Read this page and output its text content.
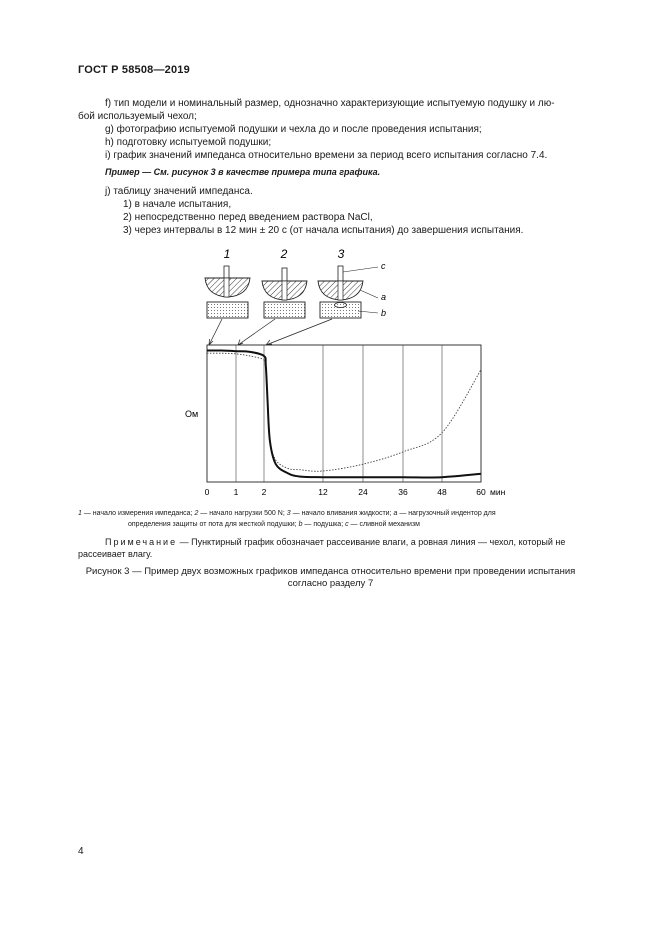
ГОСТ Р 58508—2019
f) тип модели и номинальный размер, однозначно характеризующие испытуемую подушку и лю-
бой используемый чехол;
g) фотографию испытуемой подушки и чехла до и после проведения испытания;
h) подготовку испытуемой подушки;
i) график значений импеданса относительно времени за период всего испытания согласно 7.4.
Пример — См. рисунок 3 в качестве примера типа графика.
j) таблицу значений импеданса.
1) в начале испытания,
2) непосредственно перед введением раствора NaCl,
3) через интервалы в 12 мин ± 20 с (от начала испытания) до завершения испытания.
1	2	3
c
a
b
Ом
0	1	2	12	24	36	48	60 мин
1 — начало измерения импеданса; 2 — начало нагрузки 500 N; 3 — начало вливания жидкости; a — нагрузочный индентор для
определения защиты от пота для жесткой подушки; b — подушка; c — сливной механизм
Примечание — Пунктирный график обозначает рассеивание влаги, а ровная линия — чехол, который не
рассеивает влагу.
Рисунок 3 — Пример двух возможных графиков импеданса относительно времени при проведении испытания
согласно разделу 7
4
